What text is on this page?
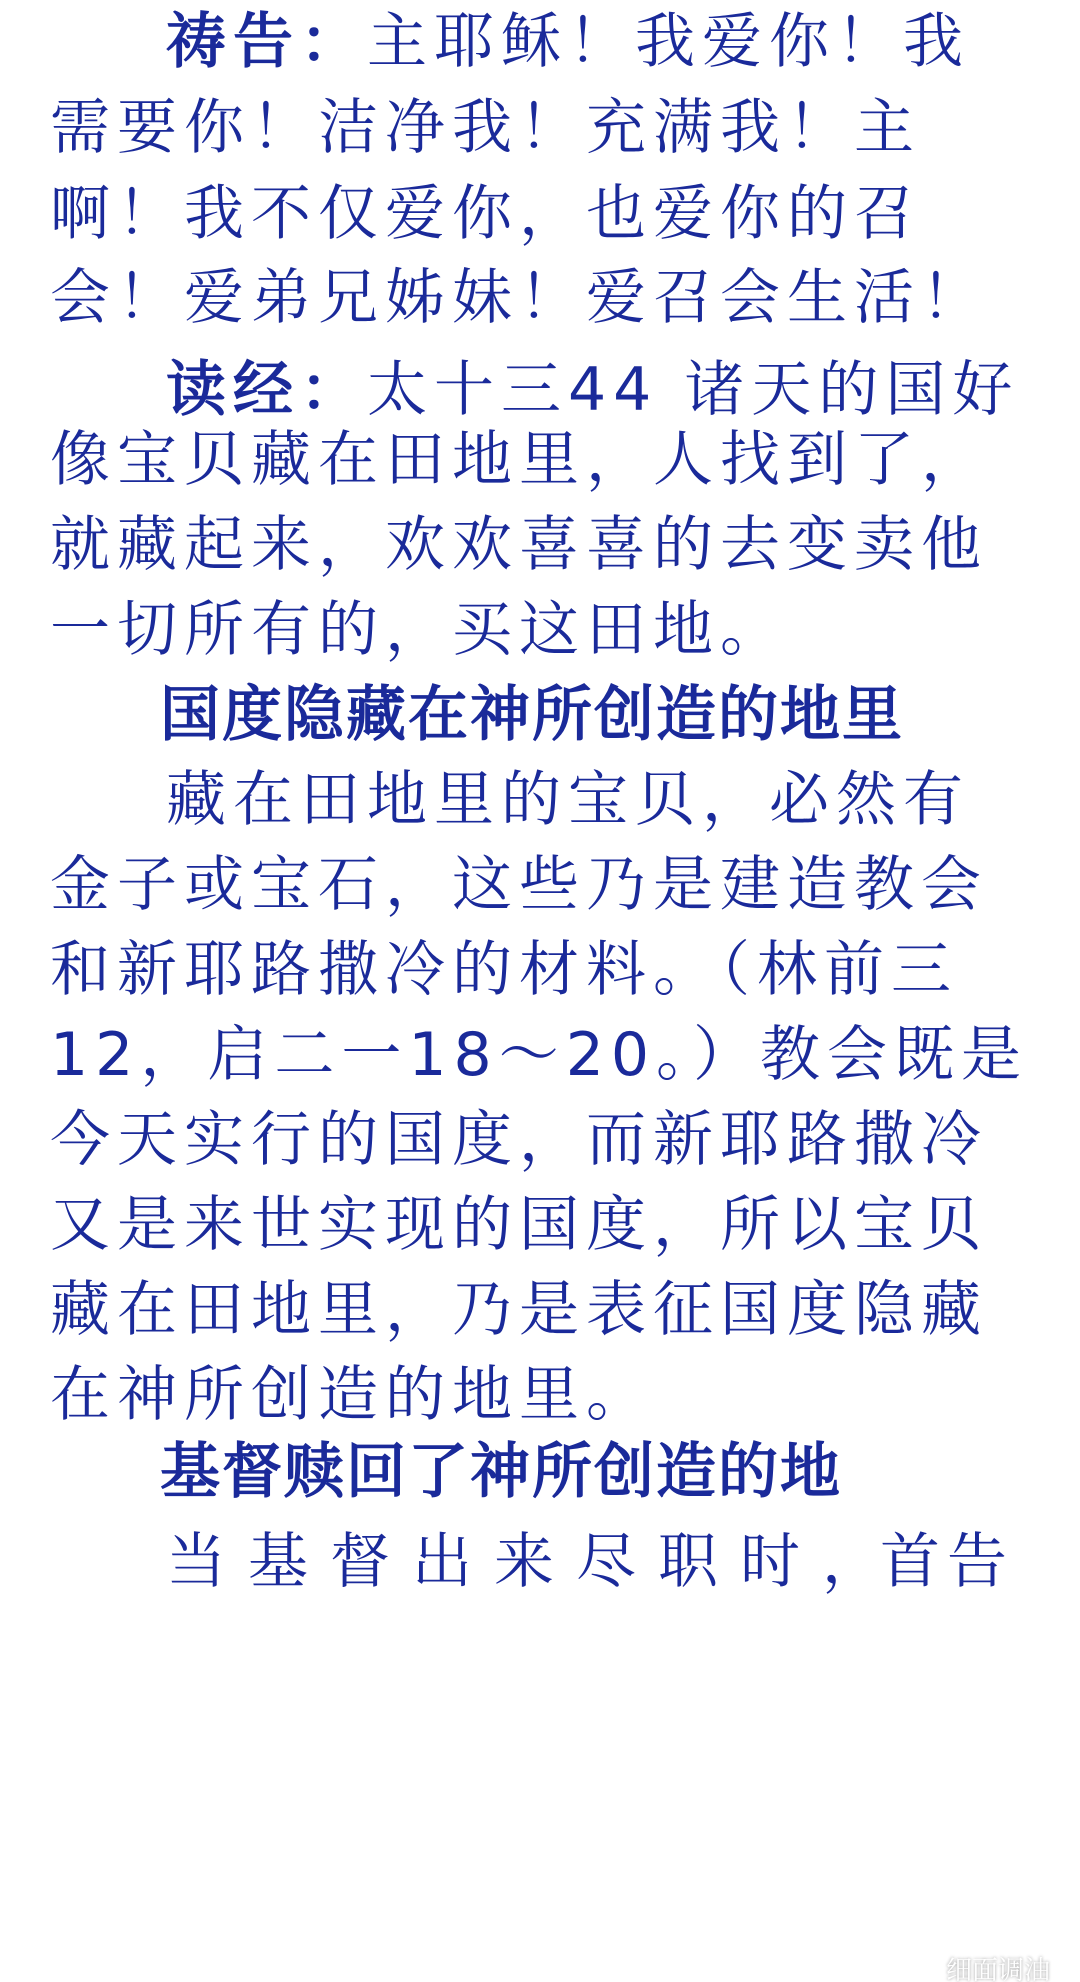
祷告：主耶稣！我爱你！我
需要你！洁净我！充满我！主
啊！我不仅爱你，也爱你的召
会！爱弟兄姊妹！爱召会生活！
读经：太十三44 诸天的国好
像宝贝藏在田地里，人找到了，
就藏起来，欢欢喜喜的去变卖他
一切所有的，买这田地。
国度隐藏在神所创造的地里
藏在田地里的宝贝，必然有
金子或宝石，这些乃是建造教会
和新耶路撒冷的材料。（林前三
12，启二一18～20。）教会既是
今天实行的国度，而新耶路撒冷
又是来世实现的国度，所以宝贝
藏在田地里，乃是表征国度隐藏
在神所创造的地里。
基督赎回了神所创造的地
当基督出来尽职时，
首告
细面调油
